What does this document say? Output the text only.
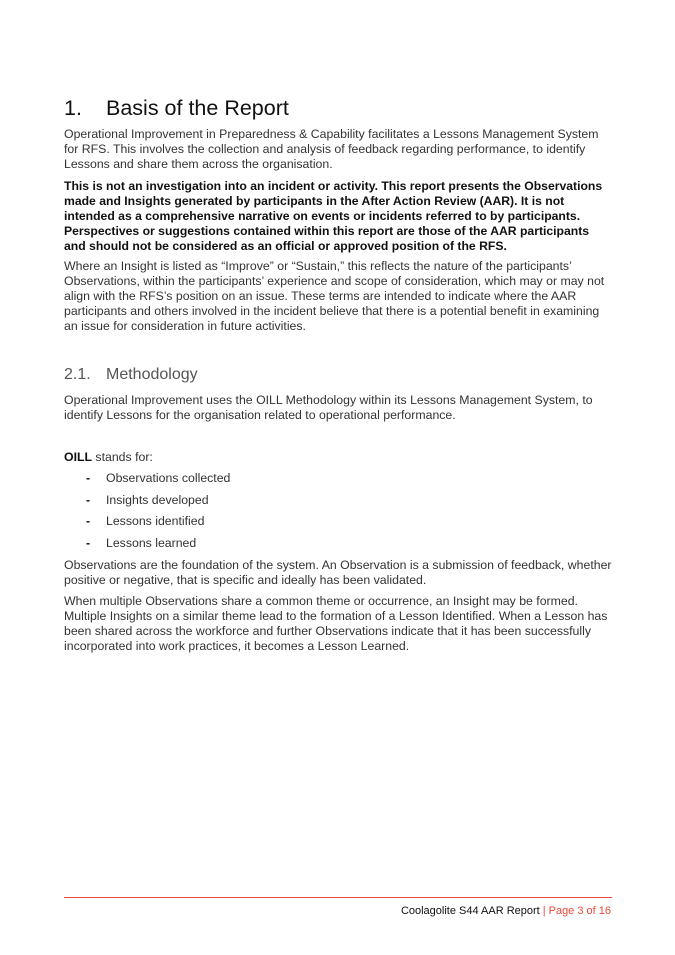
1. Basis of the Report

Operational Improvement in Preparedness & Capability facilitates a Lessons Management System for RFS. This involves the collection and analysis of feedback regarding performance, to identify Lessons and share them across the organisation.

This is not an investigation into an incident or activity. This report presents the Observations made and Insights generated by participants in the After Action Review (AAR). It is not intended as a comprehensive narrative on events or incidents referred to by participants. Perspectives or suggestions contained within this report are those of the AAR participants and should not be considered as an official or approved position of the RFS.

Where an Insight is listed as “Improve” or “Sustain,” this reflects the nature of the participants’ Observations, within the participants’ experience and scope of consideration, which may or may not align with the RFS’s position on an issue. These terms are intended to indicate where the AAR participants and others involved in the incident believe that there is a potential benefit in examining an issue for consideration in future activities.

2.1. Methodology

Operational Improvement uses the OILL Methodology within its Lessons Management System, to identify Lessons for the organisation related to operational performance.

OILL stands for:
- Observations collected
- Insights developed
- Lessons identified
- Lessons learned

Observations are the foundation of the system. An Observation is a submission of feedback, whether positive or negative, that is specific and ideally has been validated.

When multiple Observations share a common theme or occurrence, an Insight may be formed. Multiple Insights on a similar theme lead to the formation of a Lesson Identified. When a Lesson has been shared across the workforce and further Observations indicate that it has been successfully incorporated into work practices, it becomes a Lesson Learned.

Coolagolite S44 AAR Report | Page 3 of 16
